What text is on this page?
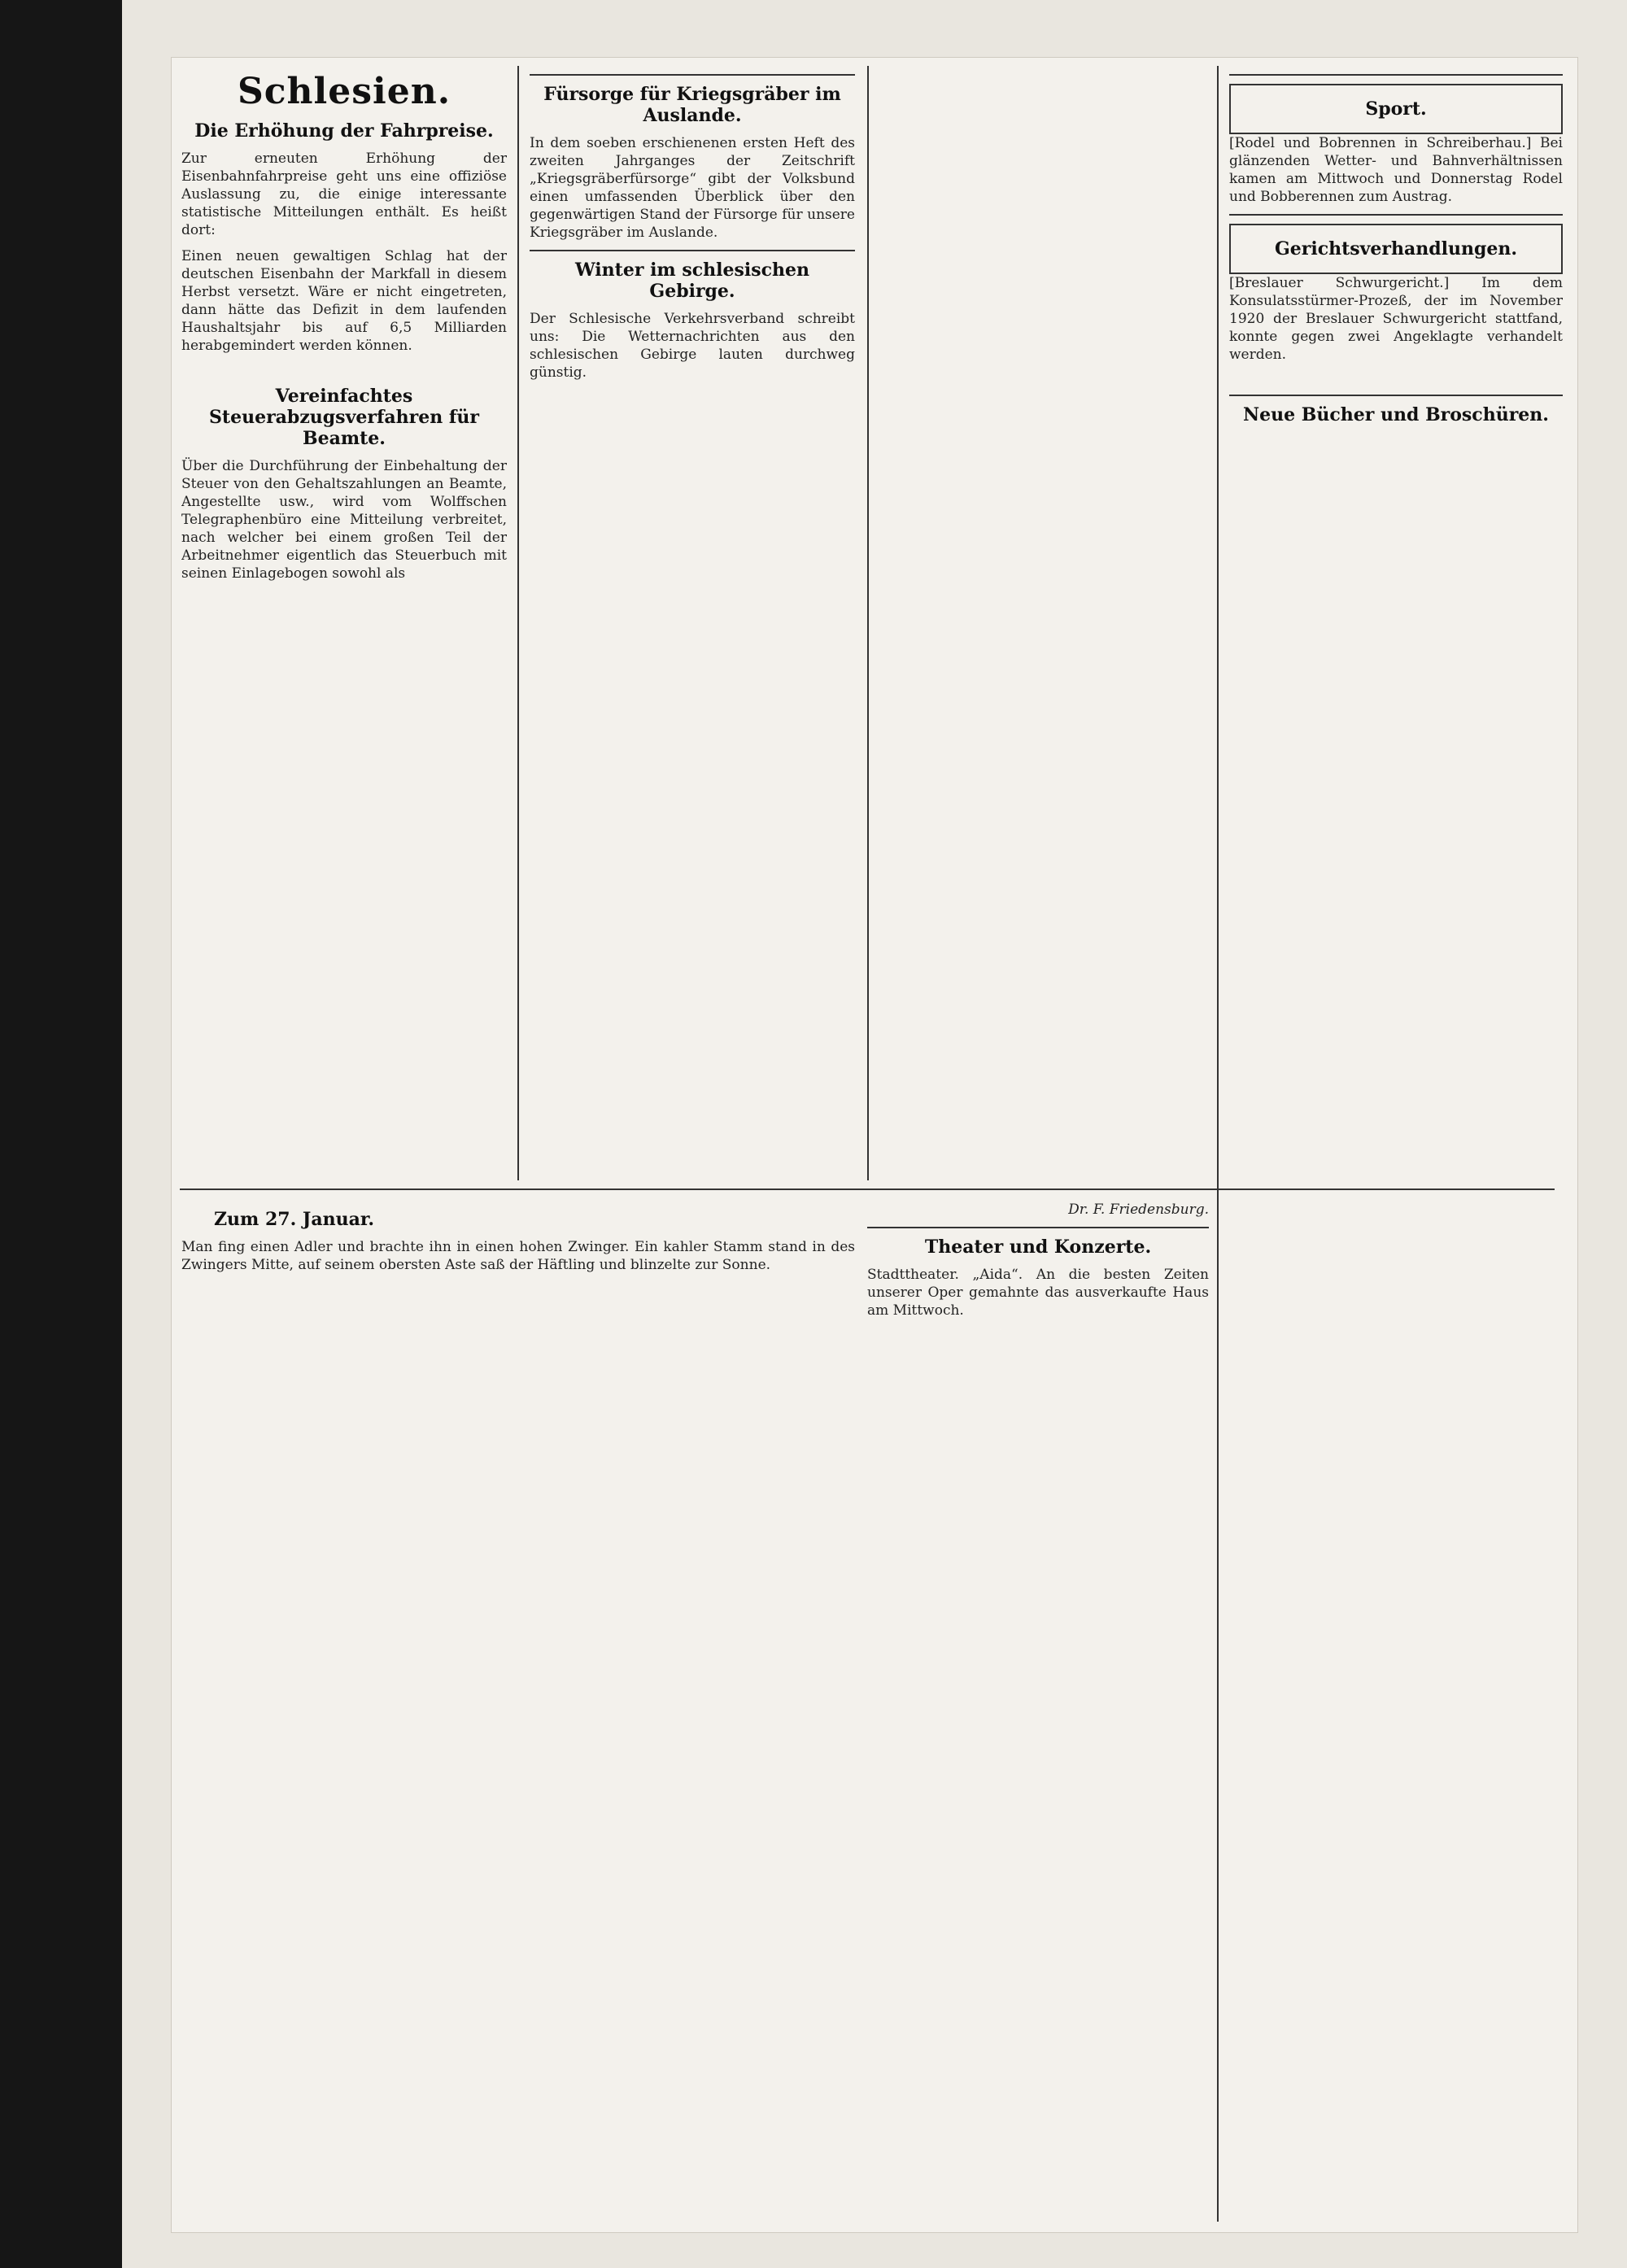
Schlesien.
Die Erhöhung der Fahrpreise.
Zur erneuten Erhöhung der Eisenbahnfahrpreise geht uns eine offiziöse Auslassung zu, die einige interessante statistische Mitteilungen enthält. Es heißt dort:
Einen neuen gewaltigen Schlag hat der deutschen Eisenbahn der Markfall in diesem Herbst versetzt. Wäre er nicht eingetreten, dann hätte das Defizit in dem laufenden Haushaltsjahr bis auf 6,5 Milliarden herabgemindert werden können.
Vereinfachtes Steuerabzugsverfahren für Beamte.
Über die Durchführung der Einbehaltung der Steuer von den Gehaltszahlungen an Beamte, Angestellte usw., wird vom Wolffschen Telegraphenbüro eine Mitteilung verbreitet, nach welcher bei einem großen Teil der Arbeitnehmer eigentlich das Steuerbuch mit seinen Einlagebogen sowohl als
Fürsorge für Kriegsgräber im Auslande.
In dem soeben erschienenen ersten Heft des zweiten Jahrganges der Zeitschrift „Kriegsgräberfürsorge“ gibt der Volksbund einen umfassenden Überblick über den gegenwärtigen Stand der Fürsorge für unsere Kriegsgräber im Auslande.
Winter im schlesischen Gebirge.
Der Schlesische Verkehrsverband schreibt uns: Die Wetternachrichten aus den schlesischen Gebirge lauten durchweg günstig.
Sport.
[Rodel und Bobrennen in Schreiberhau.] Bei glänzenden Wetter- und Bahnverhältnissen kamen am Mittwoch und Donnerstag Rodel und Bobberennen zum Austrag.
Gerichtsverhandlungen.
[Breslauer Schwurgericht.] Im dem Konsulatsstürmer-Prozeß, der im November 1920 der Breslauer Schwurgericht stattfand, konnte gegen zwei Angeklagte verhandelt werden.
Neue Bücher und Broschüren.
Zum 27. Januar.
Man fing einen Adler und brachte ihn in einen hohen Zwinger. Ein kahler Stamm stand in des Zwingers Mitte, auf seinem obersten Aste saß der Häftling und blinzelte zur Sonne.
Dr. F. Friedensburg.
Theater und Konzerte.
Stadttheater. „Aida“. An die besten Zeiten unserer Oper gemahnte das ausverkaufte Haus am Mittwoch.
